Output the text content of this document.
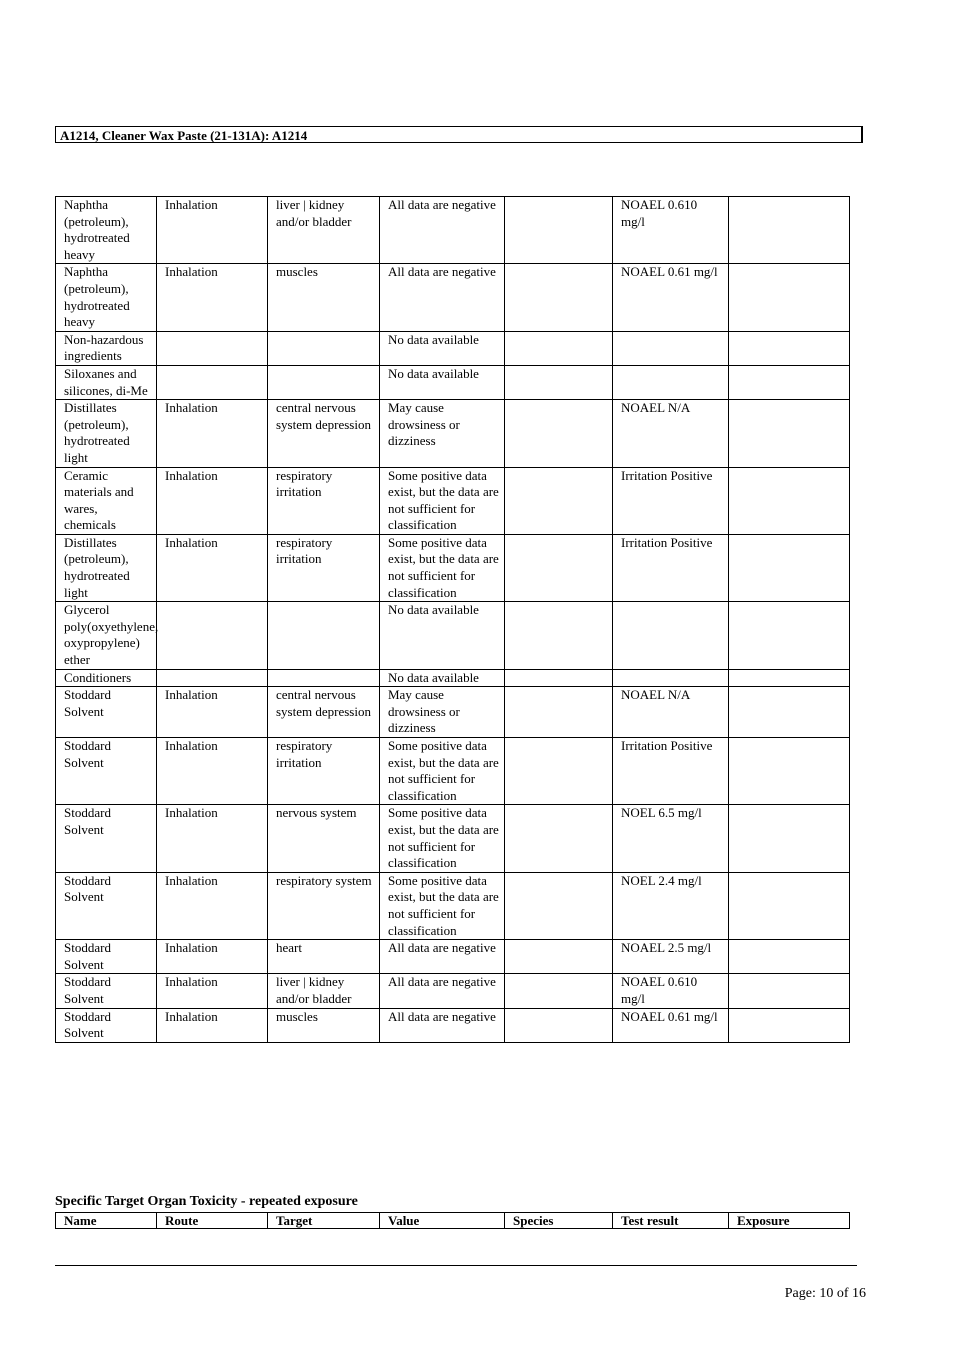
A1214, Cleaner Wax Paste (21-131A): A1214
Naphtha (petroleum), hydrotreated heavy	Inhalation	liver | kidney and/or bladder	All data are negative		NOAEL 0.610 mg/l	
Naphtha (petroleum), hydrotreated heavy	Inhalation	muscles	All data are negative		NOAEL 0.61 mg/l	
Non-hazardous ingredients			No data available			
Siloxanes and silicones, di-Me			No data available			
Distillates (petroleum), hydrotreated light	Inhalation	central nervous system depression	May cause drowsiness or dizziness		NOAEL N/A	
Ceramic materials and wares, chemicals	Inhalation	respiratory irritation	Some positive data exist, but the data are not sufficient for classification		Irritation Positive	
Distillates (petroleum), hydrotreated light	Inhalation	respiratory irritation	Some positive data exist, but the data are not sufficient for classification		Irritation Positive	
Glycerol poly(oxyethylene, oxypropylene) ether			No data available			
Conditioners			No data available			
Stoddard Solvent	Inhalation	central nervous system depression	May cause drowsiness or dizziness		NOAEL N/A	
Stoddard Solvent	Inhalation	respiratory irritation	Some positive data exist, but the data are not sufficient for classification		Irritation Positive	
Stoddard Solvent	Inhalation	nervous system	Some positive data exist, but the data are not sufficient for classification		NOEL 6.5 mg/l	
Stoddard Solvent	Inhalation	respiratory system	Some positive data exist, but the data are not sufficient for classification		NOEL 2.4 mg/l	
Stoddard Solvent	Inhalation	heart	All data are negative		NOAEL 2.5 mg/l	
Stoddard Solvent	Inhalation	liver | kidney and/or bladder	All data are negative		NOAEL 0.610 mg/l	
Stoddard Solvent	Inhalation	muscles	All data are negative		NOAEL 0.61 mg/l	
Specific Target Organ Toxicity - repeated exposure
Name	Route	Target	Value	Species	Test result	Exposure
Page: 10 of 16
